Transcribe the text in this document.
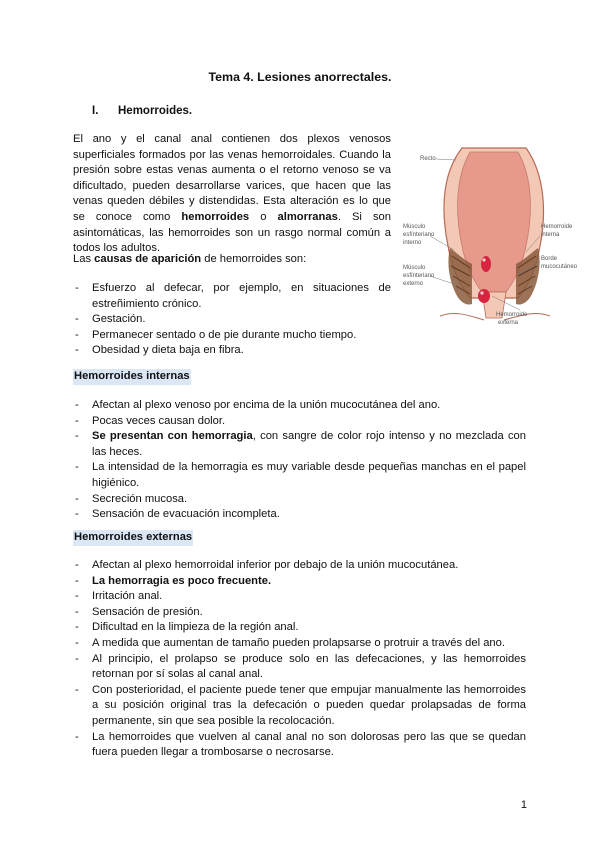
Tema 4. Lesiones anorrectales.
I. Hemorroides.
El ano y el canal anal contienen dos plexos venosos superficiales formados por las venas hemorroidales. Cuando la presión sobre estas venas aumenta o el retorno venoso se va dificultado, pueden desarrollarse varices, que hacen que las venas queden débiles y distendidas. Esta alteración es lo que se conoce como hemorroides o almorranas. Si son asintomáticas, las hemorroides son un rasgo normal común a todos los adultos.
Las causas de aparición de hemorroides son:
- Esfuerzo al defecar, por ejemplo, en situaciones de estreñimiento crónico.
- Gestación.
- Permanecer sentado o de pie durante mucho tiempo.
- Obesidad y dieta baja en fibra.
Hemorroides internas
- Afectan al plexo venoso por encima de la unión mucocutánea del ano.
- Pocas veces causan dolor.
- Se presentan con hemorragia, con sangre de color rojo intenso y no mezclada con las heces.
- La intensidad de la hemorragia es muy variable desde pequeñas manchas en el papel higiénico.
- Secreción mucosa.
- Sensación de evacuación incompleta.
Hemorroides externas
- Afectan al plexo hemorroidal inferior por debajo de la unión mucocutánea.
- La hemorragia es poco frecuente.
- Irritación anal.
- Sensación de presión.
- Dificultad en la limpieza de la región anal.
- A medida que aumentan de tamaño pueden prolapsarse o protruir a través del ano.
- Al principio, el prolapso se produce solo en las defecaciones, y las hemorroides retornan por sí solas al canal anal.
- Con posterioridad, el paciente puede tener que empujar manualmente las hemorroides a su posición original tras la defecación o pueden quedar prolapsadas de forma permanente, sin que sea posible la recolocación.
- La hemorroides que vuelven al canal anal no son dolorosas pero las que se quedan fuera pueden llegar a trombosarse o necrosarse.
Recto
Músculo
esfínteriano
interno
Músculo
esfínteriano
externo
Hemorroide
interna
Borde
mucocutáneo
Hemorroide
externa
1
